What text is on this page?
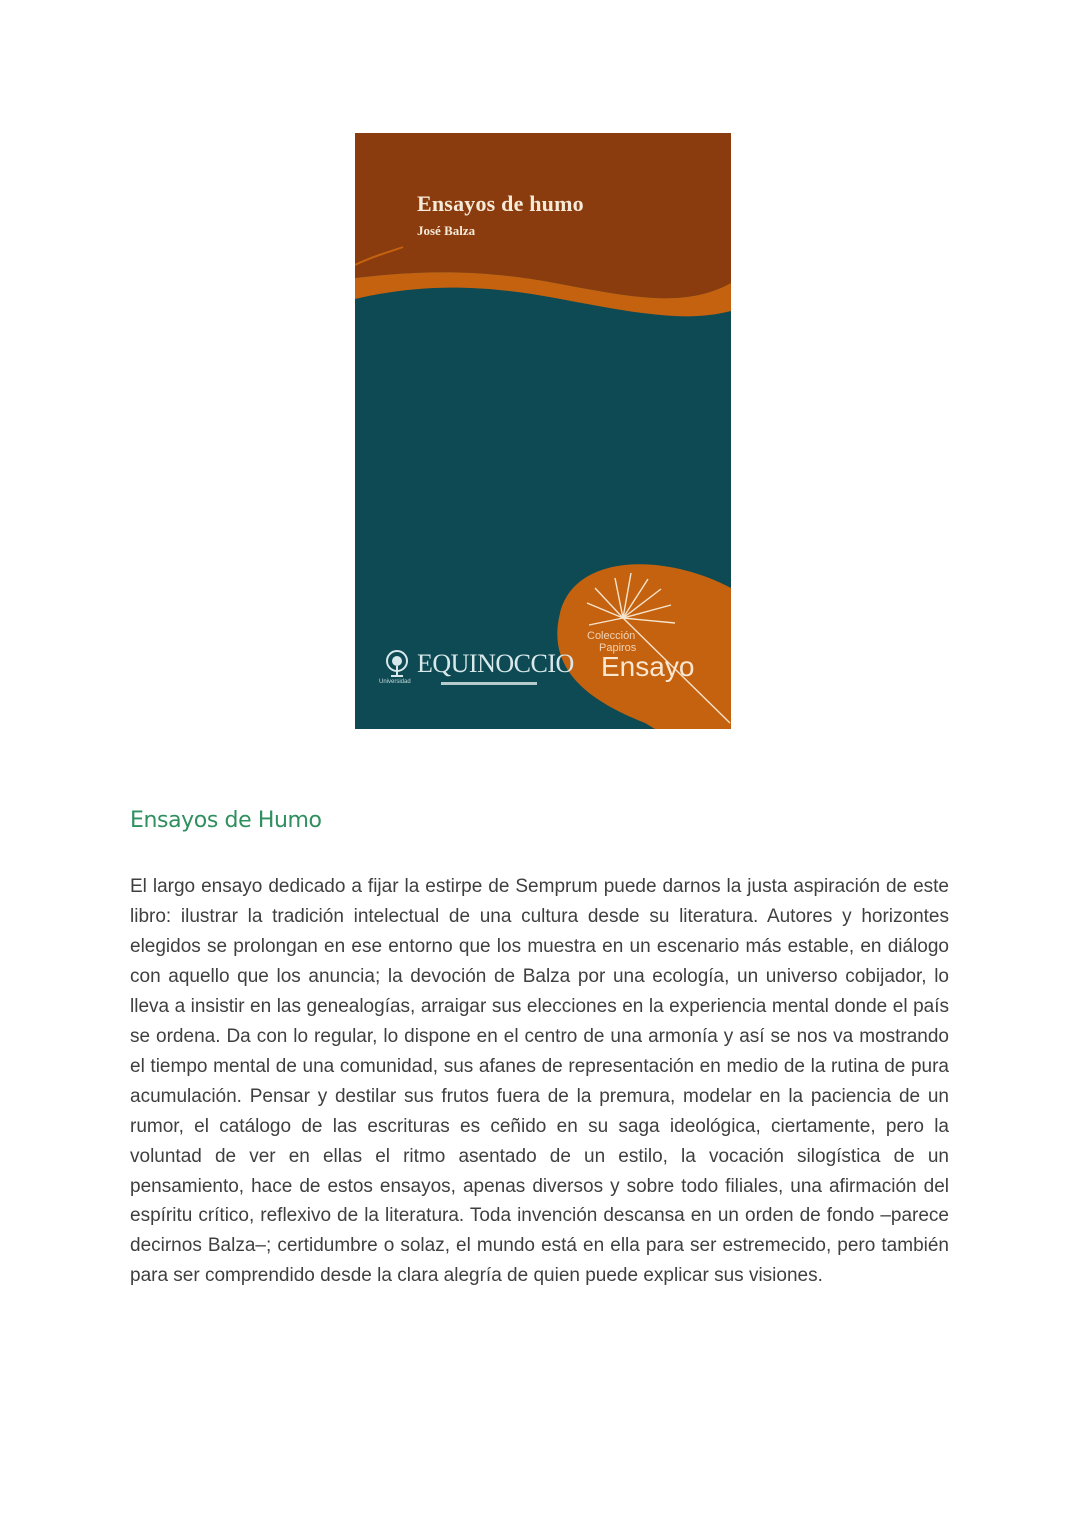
Ensayos de humo
José Balza
EQUINOCCIO
Universidad
Colección
Papiros
Ensayo
Ensayos de Humo

El largo ensayo dedicado a fijar la estirpe de Semprum puede darnos la justa aspiración de este libro: ilustrar la tradición intelectual de una cultura desde su literatura. Autores y horizontes elegidos se prolongan en ese entorno que los muestra en un escenario más estable, en diálogo con aquello que los anuncia; la devoción de Balza por una ecología, un universo cobijador, lo lleva a insistir en las genealogías, arraigar sus elecciones en la experiencia mental donde el país se ordena. Da con lo regular, lo dispone en el centro de una armonía y así se nos va mostrando el tiempo mental de una comunidad, sus afanes de representación en medio de la rutina de pura acumulación. Pensar y destilar sus frutos fuera de la premura, modelar en la paciencia de un rumor, el catálogo de las escrituras es ceñido en su saga ideológica, ciertamente, pero la voluntad de ver en ellas el ritmo asentado de un estilo, la vocación silogística de un pensamiento, hace de estos ensayos, apenas diversos y sobre todo filiales, una afirmación del espíritu crítico, reflexivo de la literatura. Toda invención descansa en un orden de fondo –parece decirnos Balza–; certidumbre o solaz, el mundo está en ella para ser estremecido, pero también para ser comprendido desde la clara alegría de quien puede explicar sus visiones.
